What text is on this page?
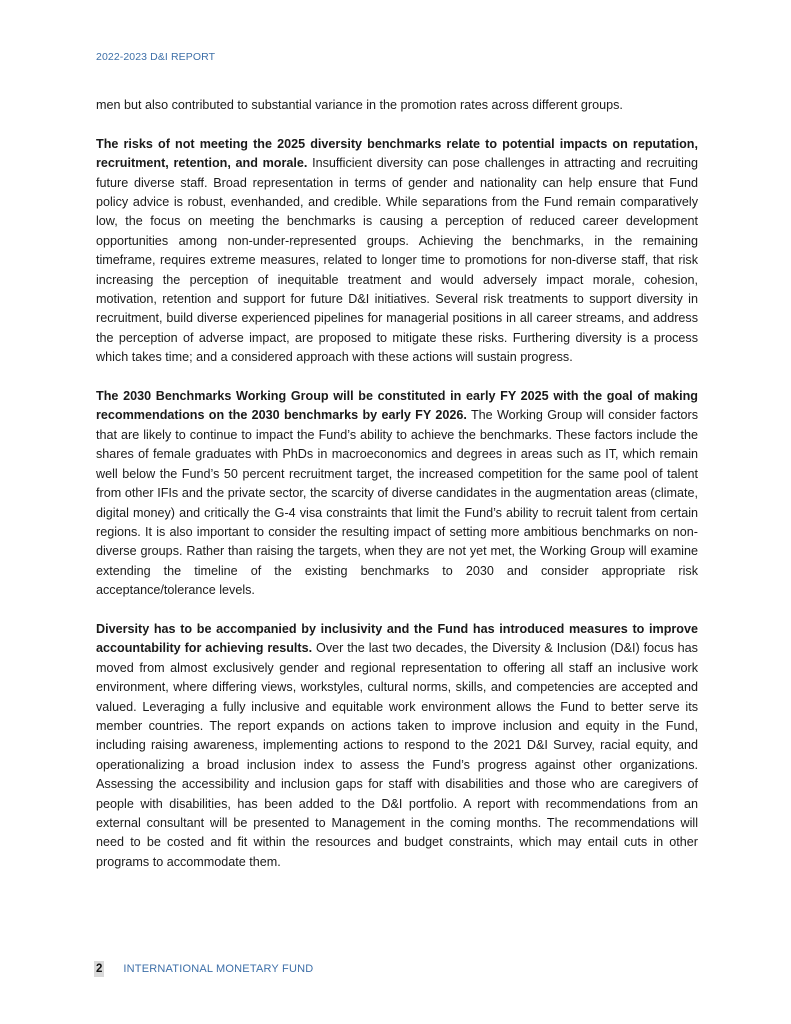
2022-2023 D&I REPORT

men but also contributed to substantial variance in the promotion rates across different groups.

The risks of not meeting the 2025 diversity benchmarks relate to potential impacts on reputation, recruitment, retention, and morale. Insufficient diversity can pose challenges in attracting and recruiting future diverse staff. Broad representation in terms of gender and nationality can help ensure that Fund policy advice is robust, evenhanded, and credible. While separations from the Fund remain comparatively low, the focus on meeting the benchmarks is causing a perception of reduced career development opportunities among non-under-represented groups. Achieving the benchmarks, in the remaining timeframe, requires extreme measures, related to longer time to promotions for non-diverse staff, that risk increasing the perception of inequitable treatment and would adversely impact morale, cohesion, motivation, retention and support for future D&I initiatives. Several risk treatments to support diversity in recruitment, build diverse experienced pipelines for managerial positions in all career streams, and address the perception of adverse impact, are proposed to mitigate these risks. Furthering diversity is a process which takes time; and a considered approach with these actions will sustain progress.

The 2030 Benchmarks Working Group will be constituted in early FY 2025 with the goal of making recommendations on the 2030 benchmarks by early FY 2026. The Working Group will consider factors that are likely to continue to impact the Fund’s ability to achieve the benchmarks. These factors include the shares of female graduates with PhDs in macroeconomics and degrees in areas such as IT, which remain well below the Fund’s 50 percent recruitment target, the increased competition for the same pool of talent from other IFIs and the private sector, the scarcity of diverse candidates in the augmentation areas (climate, digital money) and critically the G-4 visa constraints that limit the Fund’s ability to recruit talent from certain regions. It is also important to consider the resulting impact of setting more ambitious benchmarks on non-diverse groups. Rather than raising the targets, when they are not yet met, the Working Group will examine extending the timeline of the existing benchmarks to 2030 and consider appropriate risk acceptance/tolerance levels.

Diversity has to be accompanied by inclusivity and the Fund has introduced measures to improve accountability for achieving results. Over the last two decades, the Diversity & Inclusion (D&I) focus has moved from almost exclusively gender and regional representation to offering all staff an inclusive work environment, where differing views, workstyles, cultural norms, skills, and competencies are accepted and valued. Leveraging a fully inclusive and equitable work environment allows the Fund to better serve its member countries. The report expands on actions taken to improve inclusion and equity in the Fund, including raising awareness, implementing actions to respond to the 2021 D&I Survey, racial equity, and operationalizing a broad inclusion index to assess the Fund’s progress against other organizations. Assessing the accessibility and inclusion gaps for staff with disabilities and those who are caregivers of people with disabilities, has been added to the D&I portfolio. A report with recommendations from an external consultant will be presented to Management in the coming months. The recommendations will need to be costed and fit within the resources and budget constraints, which may entail cuts in other programs to accommodate them.

2 INTERNATIONAL MONETARY FUND
